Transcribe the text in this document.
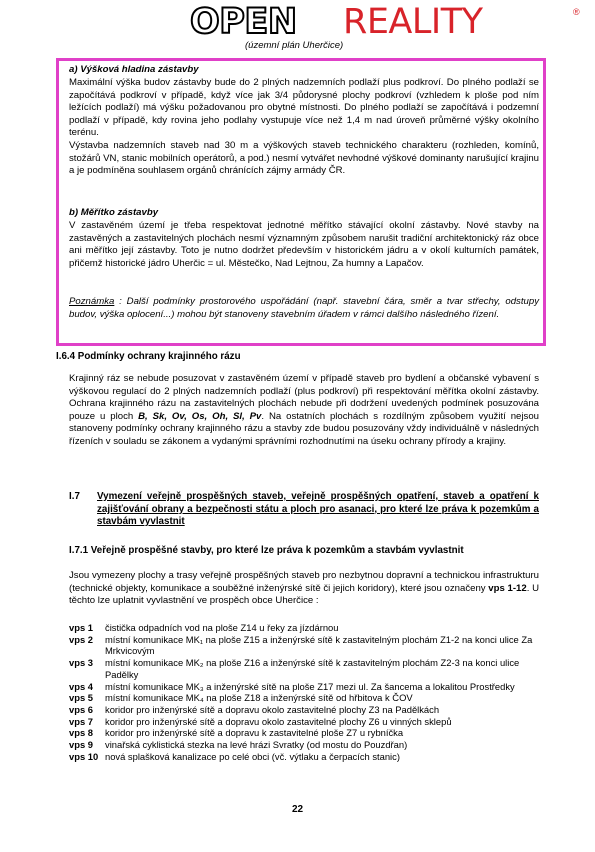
OPEN REALITY	®
(územní plán Uherčice)
a) Výšková hladina zástavby
Maximální výška budov zástavby bude do 2 plných nadzemních podlaží plus podkroví. Do plného podlaží se započítává podkroví v případě, když více jak 3/4 půdorysné plochy podkroví (vzhledem k ploše pod ním ležících podlaží) má výšku požadovanou pro obytné místnosti. Do plného podlaží se započítává i podzemní podlaží v případě, kdy rovina jeho podlahy vystupuje více než 1,4 m nad úroveň průměrné výšky okolního terénu.
Výstavba nadzemních staveb nad 30 m a výškových staveb technického charakteru (rozhleden, komínů, stožárů VN, stanic mobilních operátorů, a pod.) nesmí vytvářet nevhodné výškové dominanty narušující krajinu a je podmíněna souhlasem orgánů chránících zájmy armády ČR.
b) Měřítko zástavby
V zastavěném území je třeba respektovat jednotné měřítko stávající okolní zástavby. Nové stavby na zastavěných a zastavitelných plochách nesmí významným způsobem narušit tradiční architektonický ráz obce ani měřítko její zástavby. Toto je nutno dodržet především v historickém jádru a v okolí kulturních památek, přičemž historické jádro Uherčic = ul. Městečko, Nad Lejtnou, Za humny a Lapačov.
Poznámka : Další podmínky prostorového uspořádání (např. stavební čára, směr a tvar střechy, odstupy budov, výška oplocení...) mohou být stanoveny stavebním úřadem v rámci dalšího následného řízení.
I.6.4 Podmínky ochrany krajinného rázu
Krajinný ráz se nebude posuzovat v zastavěném území v případě staveb pro bydlení a občanské vybavení s výškovou regulací do 2 plných nadzemních podlaží (plus podkroví) při respektování měřítka okolní zástavby. Ochrana krajinného rázu na zastavitelných plochách nebude při dodržení uvedených podmínek posuzována pouze u ploch B, Sk, Ov, Os, Oh, Sl, Pv. Na ostatních plochách s rozdílným způsobem využití nejsou stanoveny podmínky ochrany krajinného rázu a stavby zde budou posuzovány vždy individuálně v následných řízeních v souladu se zákonem a vydanými správními rozhodnutími na úseku ochrany přírody a krajiny.
I.7 Vymezení veřejně prospěšných staveb, veřejně prospěšných opatření, staveb a opatření k zajišťování obrany a bezpečnosti státu a ploch pro asanaci, pro které lze práva k pozemkům a stavbám vyvlastnit
I.7.1 Veřejně prospěšné stavby, pro které lze práva k pozemkům a stavbám vyvlastnit
Jsou vymezeny plochy a trasy veřejně prospěšných staveb pro nezbytnou dopravní a technickou infrastrukturu (technické objekty, komunikace a souběžné inženýrské sítě či jejich koridory), které jsou označeny vps 1-12. U těchto lze uplatnit vyvlastnění ve prospěch obce Uherčice :
vps 1	čistička odpadních vod na ploše Z14 u řeky za jízdárnou
vps 2	místní komunikace MK₁ na ploše Z15 a inženýrské sítě k zastavitelným plochám Z1-2 na konci ulice Za Mrkvicovým
vps 3	místní komunikace MK₂ na ploše Z16 a inženýrské sítě k zastavitelným plochám Z2-3 na konci ulice Padělky
vps 4	místní komunikace MK₃ a inženýrské sítě na ploše Z17 mezi ul. Za šancema a lokalitou Prostředky
vps 5	místní komunikace MK₄ na ploše Z18 a inženýrské sítě od hřbitova k ČOV
vps 6	koridor pro inženýrské sítě a dopravu okolo zastavitelné plochy Z3 na Padělkách
vps 7	koridor pro inženýrské sítě a dopravu okolo zastavitelné plochy Z6 u vinných sklepů
vps 8	koridor pro inženýrské sítě a dopravu k zastavitelné ploše Z7 u rybníčka
vps 9	vinařská cyklistická stezka na levé hrázi Svratky (od mostu do Pouzdřan)
vps 10 nová splašková kanalizace po celé obci (vč. výtlaku a čerpacích stanic)
22
